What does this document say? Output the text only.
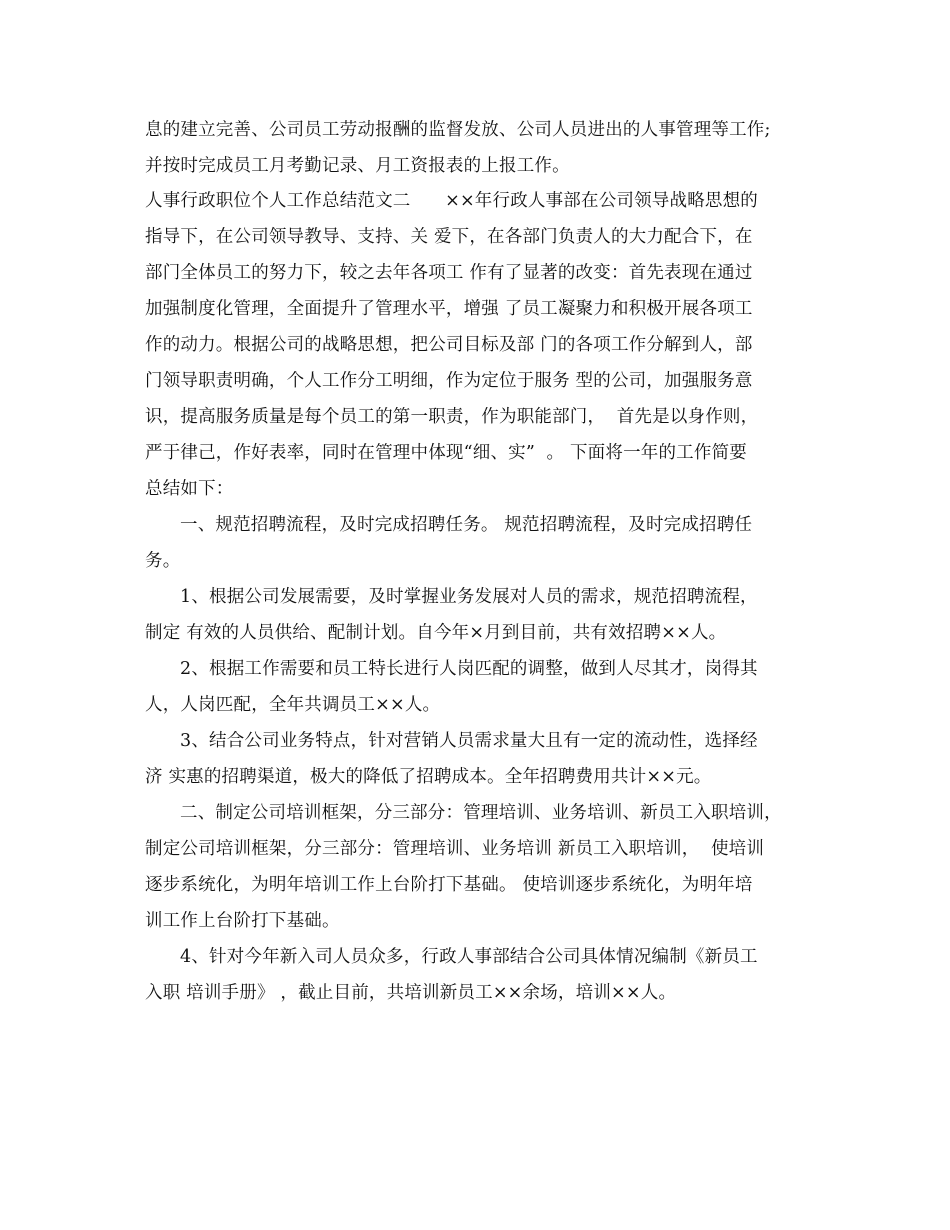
息的建立完善、公司员工劳动报酬的监督发放、公司人员进出的人事管理等工作;
并按时完成员工月考勤记录、月工资报表的上报工作。
人事行政职位个人工作总结范文二      ××年行政人事部在公司领导战略思想的
指导下，在公司领导教导、支持、关 爱下，在各部门负责人的大力配合下，在
部门全体员工的努力下，较之去年各项工 作有了显著的改变：首先表现在通过
加强制度化管理，全面提升了管理水平，增强 了员工凝聚力和积极开展各项工
作的动力。根据公司的战略思想，把公司目标及部 门的各项工作分解到人，部
门领导职责明确，个人工作分工明细，作为定位于服务 型的公司，加强服务意
识，提高服务质量是每个员工的第一职责，作为职能部门，  首先是以身作则，
严于律己，作好表率，同时在管理中体现“细、实”  。 下面将一年的工作简要
总结如下：
一、规范招聘流程，及时完成招聘任务。 规范招聘流程，及时完成招聘任
务。
1、根据公司发展需要，及时掌握业务发展对人员的需求，规范招聘流程，
制定 有效的人员供给、配制计划。自今年×月到目前，共有效招聘××人。
2、根据工作需要和员工特长进行人岗匹配的调整，做到人尽其才，岗得其
人，人岗匹配，全年共调员工××人。
3、结合公司业务特点，针对营销人员需求量大且有一定的流动性，选择经
济 实惠的招聘渠道，极大的降低了招聘成本。全年招聘费用共计××元。
二、制定公司培训框架，分三部分：管理培训、业务培训、新员工入职培训，
制定公司培训框架，分三部分：管理培训、业务培训 新员工入职培训，  使培训
逐步系统化，为明年培训工作上台阶打下基础。 使培训逐步系统化，为明年培
训工作上台阶打下基础。
4、针对今年新入司人员众多，行政人事部结合公司具体情况编制《新员工
入职 培训手册》 ，截止目前，共培训新员工××余场，培训××人。
